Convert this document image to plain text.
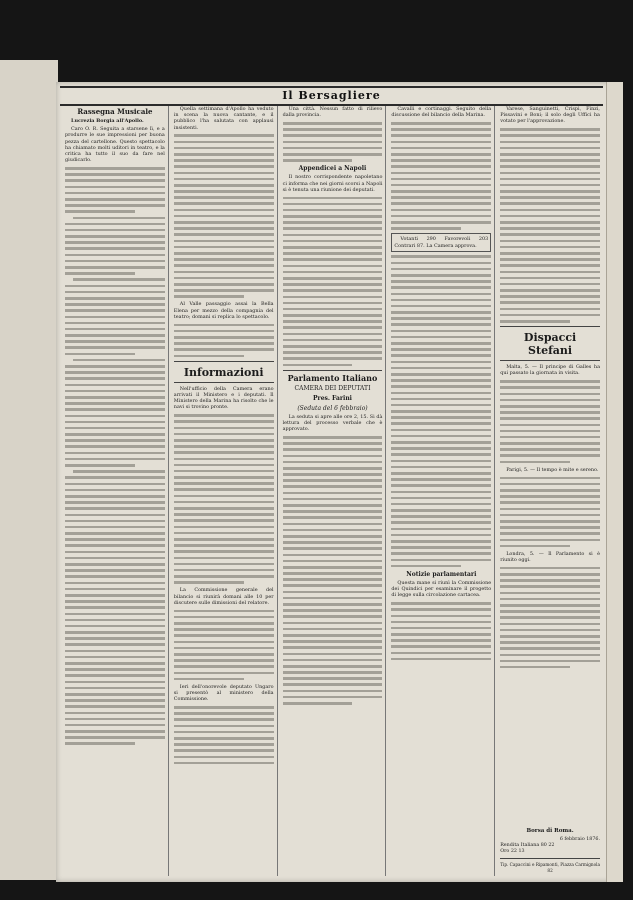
Il Bersagliere
Rassegna Musicale
Lucrezia Borgia all'Apollo.
Caro O. R. Seguita a starsene lì, e a produrre le sue impressioni per buona pezza del cartellone. Questo spettacolo ha chiamato molti uditori in teatro, e la critica ha tutto il suo da fare nel giudicarlo.
Quella settimana d'Apollo ha veduto in scena la nuova cantante, e il pubblico l'ha salutata con applausi insistenti.
Al Valle passaggio assai la Bella Elena per mezzo della compagnia del teatro; domani si replica lo spettacolo.
Informazioni
Nell'ufficio della Camera erano arrivati il Ministero e i deputati. Il Ministero della Marina ha risolto che le navi si trovino pronte.
La Commissione generale del bilancio si riunirà domani alle 10 per discutere sulle dimissioni del relatore.
Ieri dell'onorevole deputato Ungaro si presentò al ministero della Commissione.
Una città. Nessun fatto di rilievo dalla provincia.
Appendicei a Napoli
Il nostro corrispondente napoletano ci informa che nei giorni scorsi a Napoli si è tenuta una riunione dei deputati.
Parlamento Italiano
CAMERA DEI DEPUTATI
Pres. Farini
(Seduta del 6 febbraio)
La seduta si apre alle ore 2, 15. Si dà lettura del processo verbale che è approvato.
Cavalli e cortinaggi. Seguito della discussione del bilancio della Marina.
Votanti 290 Favorevoli 203 Contrari 87. La Camera approva.
Notizie parlamentari
Questa mane si riunì la Commissione dei Quindici per esaminare il progetto di legge sulla circolazione cartacea.
Varese, Sanguinetti, Crispi, Finzi, Pissavini e Boni; il solo degli Uffici ha votato per l'approvazione.
Dispacci Stefani
Malta, 5. — Il principe di Galles ha qui passato la giornata in visita.
Parigi, 5. — Il tempo è mite e sereno.
Londra, 5. — Il Parlamento si è riunito oggi.
Borsa di Roma.
6 febbraio 1876.
Rendita Italiana 80 22
Oro 22 13
Tip. Capaccini e Ripamonti, Piazza Carmignola 82
